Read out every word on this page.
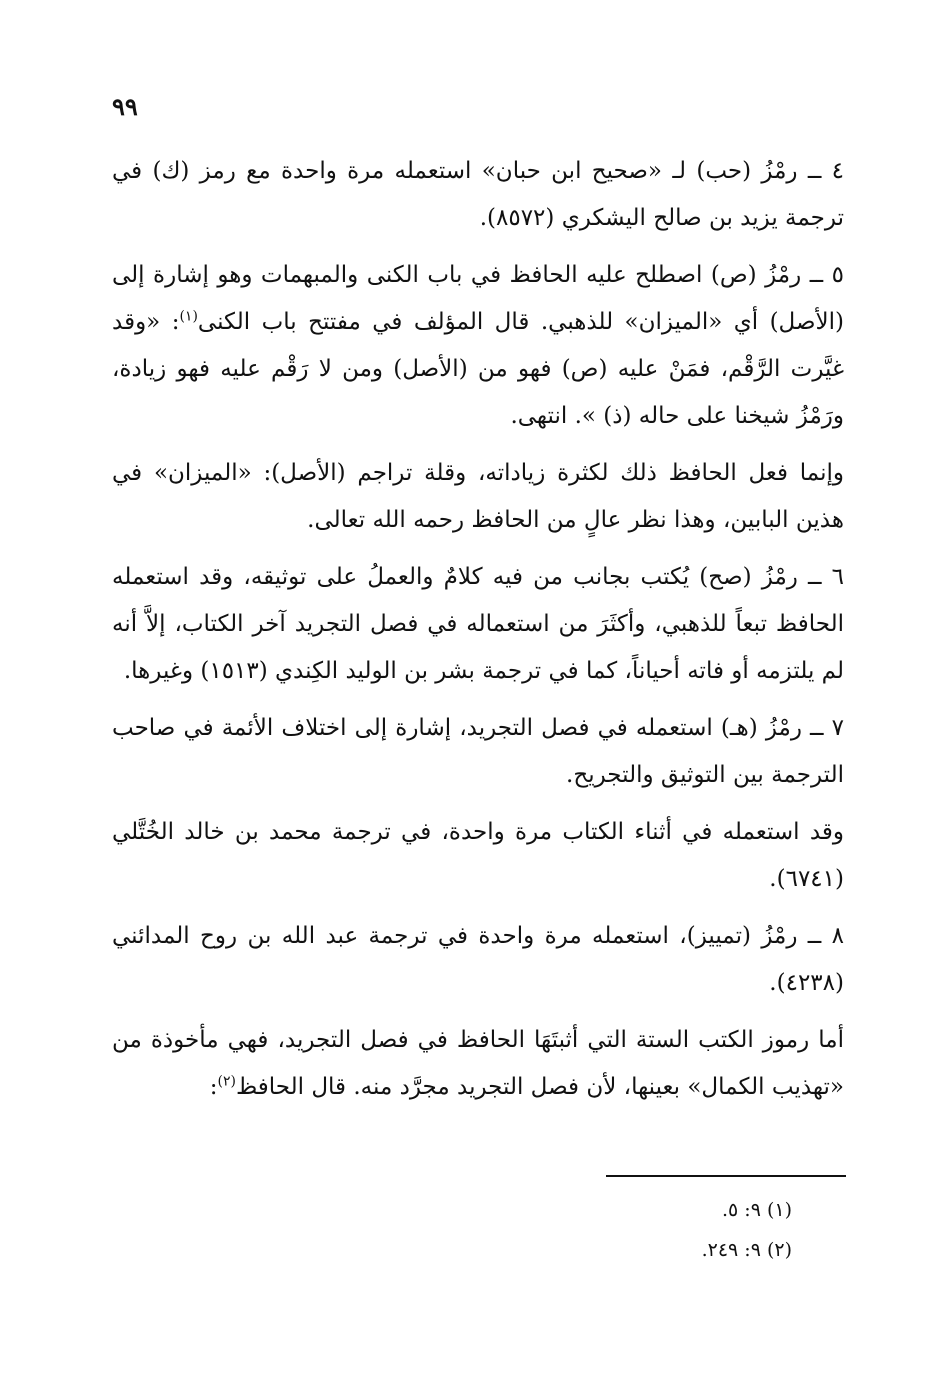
٩٩

٤ ــ رمْزُ (حب) لـ «صحيح ابن حبان» استعمله مرة واحدة مع رمز (ك) في ترجمة يزيد بن صالح اليشكري (٨٥٧٢).

٥ ــ رمْزُ (ص) اصطلح عليه الحافظ في باب الكنى والمبهمات وهو إشارة إلى (الأصل) أي «الميزان» للذهبي. قال المؤلف في مفتتح باب الكنى$^{(١)}$: «وقد غيَّرت الرَّقْم، فمَنْ عليه (ص) فهو من (الأصل) ومن لا رَقْم عليه فهو زيادة، ورَمْزُ شيخنا على حاله (ذ) ». انتهى.

وإنما فعل الحافظ ذلك لكثرة زياداته، وقلة تراجم (الأصل): «الميزان» في هذين البابين، وهذا نظر عالٍ من الحافظ رحمه الله تعالى.

٦ ــ رمْزُ (صح) يُكتب بجانب من فيه كلامٌ والعملُ على توثيقه، وقد استعمله الحافظ تبعاً للذهبي، وأكثَرَ من استعماله في فصل التجريد آخر الكتاب، إلاَّ أنه لم يلتزمه أو فاته أحياناً، كما في ترجمة بشر بن الوليد الكِندي (١٥١٣) وغيرها.

٧ ــ رمْزُ (هـ) استعمله في فصل التجريد، إشارة إلى اختلاف الأئمة في صاحب الترجمة بين التوثيق والتجريح.

وقد استعمله في أثناء الكتاب مرة واحدة، في ترجمة محمد بن خالد الخُتَّلي (٦٧٤١).

٨ ــ رمْزُ (تمييز)، استعمله مرة واحدة في ترجمة عبد الله بن روح المدائني (٤٢٣٨).

أما رموز الكتب الستة التي أثبتَهَا الحافظ في فصل التجريد، فهي مأخوذة من «تهذيب الكمال» بعينها، لأن فصل التجريد مجرَّد منه. قال الحافظ$^{(٢)}$:

(١) ٩: ٥.
(٢) ٩: ٢٤٩.
